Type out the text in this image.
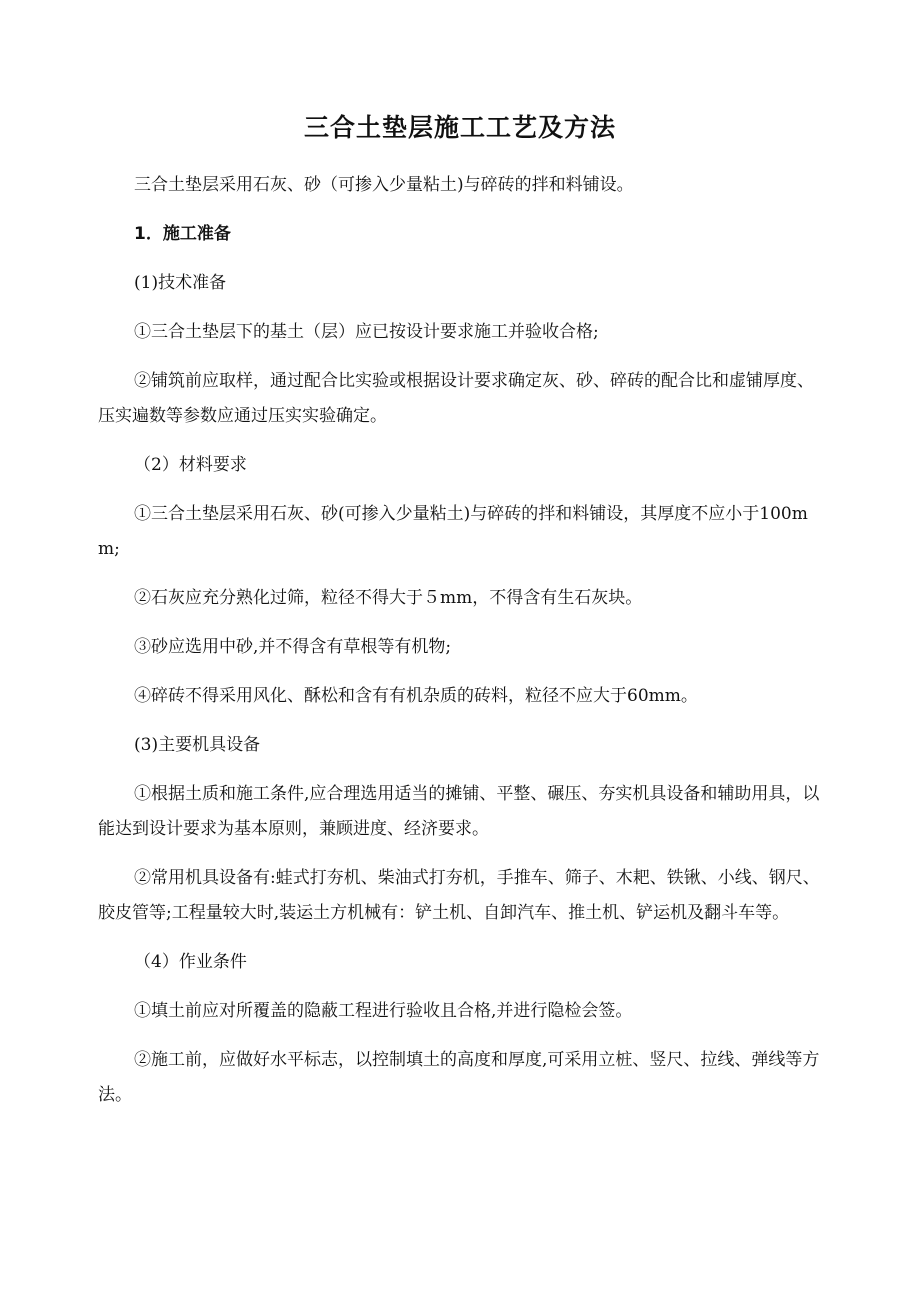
三合土垫层施工工艺及方法

三合土垫层采用石灰、砂（可掺入少量粘土)与碎砖的拌和料铺设。

1．施工准备

(1)技术准备

①三合土垫层下的基土（层）应已按设计要求施工并验收合格;

②铺筑前应取样，通过配合比实验或根据设计要求确定灰、砂、碎砖的配合比和虚铺厚度、压实遍数等参数应通过压实实验确定。

（2）材料要求

①三合土垫层采用石灰、砂(可掺入少量粘土)与碎砖的拌和料铺设，其厚度不应小于100mm;

②石灰应充分熟化过筛，粒径不得大于５mm，不得含有生石灰块。

③砂应选用中砂,并不得含有草根等有机物;

④碎砖不得采用风化、酥松和含有有机杂质的砖料，粒径不应大于60mm。

(3)主要机具设备

①根据土质和施工条件,应合理选用适当的摊铺、平整、碾压、夯实机具设备和辅助用具，以能达到设计要求为基本原则，兼顾进度、经济要求。

②常用机具设备有:蛙式打夯机、柴油式打夯机，手推车、筛子、木耙、铁锹、小线、钢尺、胶皮管等;工程量较大时,装运土方机械有：铲土机、自卸汽车、推土机、铲运机及翻斗车等。

（4）作业条件

①填土前应对所覆盖的隐蔽工程进行验收且合格,并进行隐检会签。

②施工前，应做好水平标志，以控制填土的高度和厚度,可采用立桩、竖尺、拉线、弹线等方法。
